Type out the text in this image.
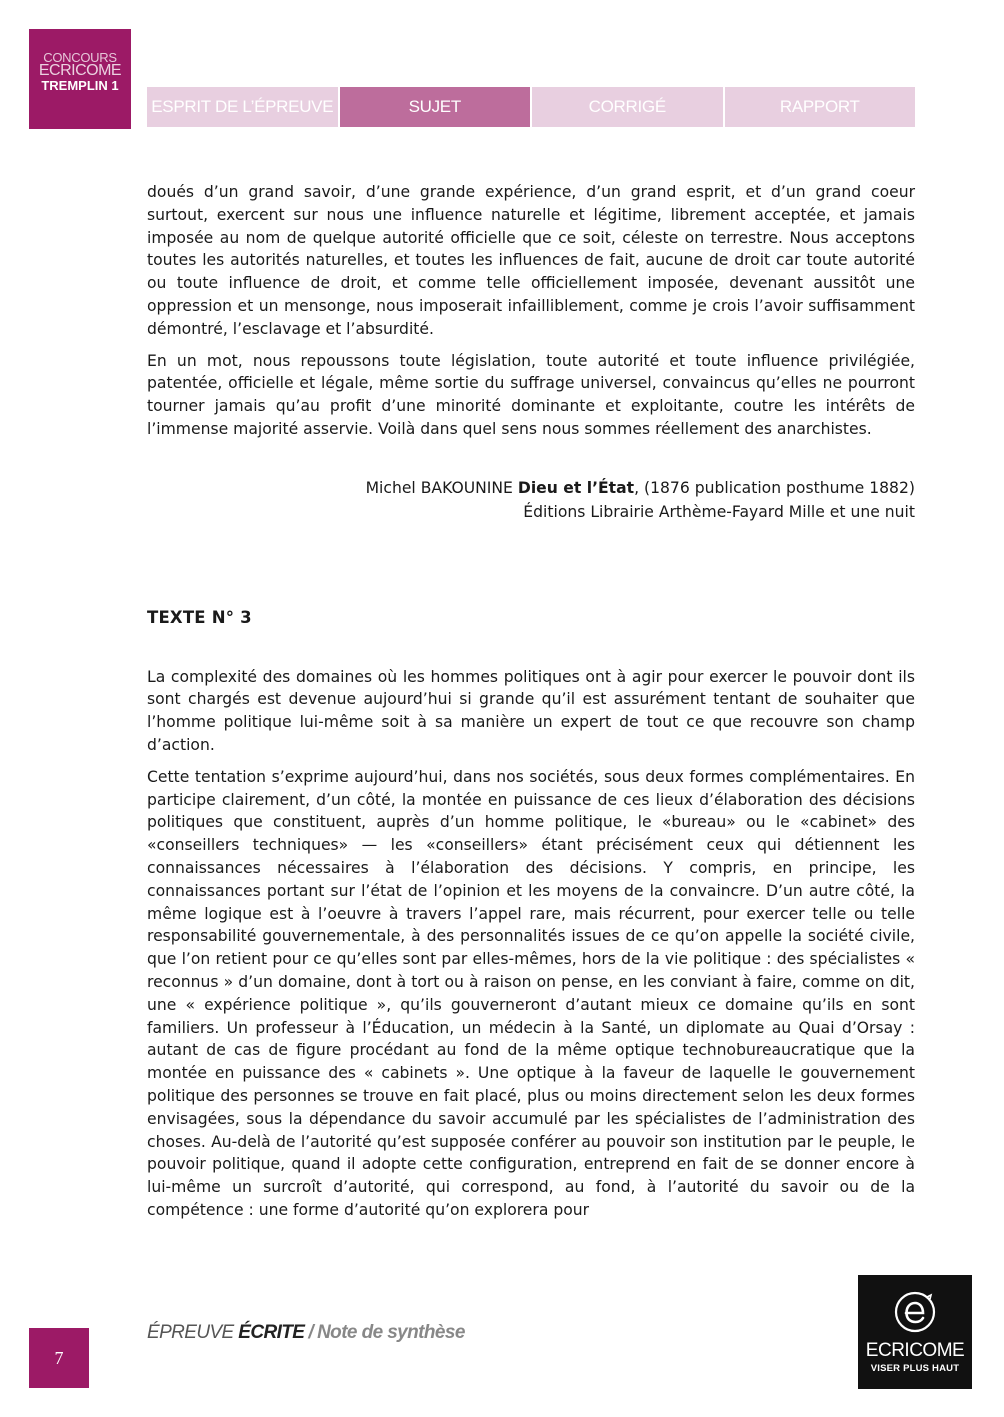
CONCOURS
ECRICOME
TREMPLIN 1
ESPRIT DE L’ÉPREUVE	SUJET	CORRIGÉ	RAPPORT

doués d’un grand savoir, d’une grande expérience, d’un grand esprit, et d’un grand coeur surtout, exercent sur nous une influence naturelle et légitime, librement acceptée, et jamais imposée au nom de quelque autorité officielle que ce soit, céleste on terrestre. Nous acceptons toutes les autorités naturelles, et toutes les influences de fait, aucune de droit car toute autorité ou toute influence de droit, et comme telle officiellement imposée, devenant aussitôt une oppression et un mensonge, nous imposerait infailliblement, comme je crois l’avoir suffisamment démontré, l’esclavage et l’absurdité.

En un mot, nous repoussons toute législation, toute autorité et toute influence privilégiée, patentée, officielle et légale, même sortie du suffrage universel, convaincus qu’elles ne pourront tourner jamais qu’au profit d’une minorité dominante et exploitante, coutre les intérêts de l’immense majorité asservie. Voilà dans quel sens nous sommes réellement des anarchistes.

Michel BAKOUNINE Dieu et l’État, (1876 publication posthume 1882)
Éditions Librairie Arthème-Fayard Mille et une nuit
TEXTE N° 3

La complexité des domaines où les hommes politiques ont à agir pour exercer le pouvoir dont ils sont chargés est devenue aujourd’hui si grande qu’il est assurément tentant de souhaiter que l’homme politique lui-même soit à sa manière un expert de tout ce que recouvre son champ d’action.

Cette tentation s’exprime aujourd’hui, dans nos sociétés, sous deux formes complémentaires. En participe clairement, d’un côté, la montée en puissance de ces lieux d’élaboration des décisions politiques que constituent, auprès d’un homme politique, le «bureau» ou le «cabinet» des «conseillers techniques» — les «conseillers» étant précisément ceux qui détiennent les connaissances nécessaires à l’élaboration des décisions. Y compris, en principe, les connaissances portant sur l’état de l’opinion et les moyens de la convaincre. D’un autre côté, la même logique est à l’oeuvre à travers l’appel rare, mais récurrent, pour exercer telle ou telle responsabilité gouvernementale, à des personnalités issues de ce qu’on appelle la société civile, que l’on retient pour ce qu’elles sont par elles-mêmes, hors de la vie politique : des spécialistes « reconnus » d’un domaine, dont à tort ou à raison on pense, en les conviant à faire, comme on dit, une « expérience politique », qu’ils gouverneront d’autant mieux ce domaine qu’ils en sont familiers. Un professeur à l’Éducation, un médecin à la Santé, un diplomate au Quai d’Orsay : autant de cas de figure procédant au fond de la même optique technobureaucratique que la montée en puissance des « cabinets ». Une optique à la faveur de laquelle le gouvernement politique des personnes se trouve en fait placé, plus ou moins directement selon les deux formes envisagées, sous la dépendance du savoir accumulé par les spécialistes de l’administration des choses. Au-delà de l’autorité qu’est supposée conférer au pouvoir son institution par le peuple, le pouvoir politique, quand il adopte cette configuration, entreprend en fait de se donner encore à lui-même un surcroît d’autorité, qui correspond, au fond, à l’autorité du savoir ou de la compétence : une forme d’autorité qu’on explorera pour

7
ÉPREUVE ÉCRITE / Note de synthèse
ECRICOME
VISER PLUS HAUT
